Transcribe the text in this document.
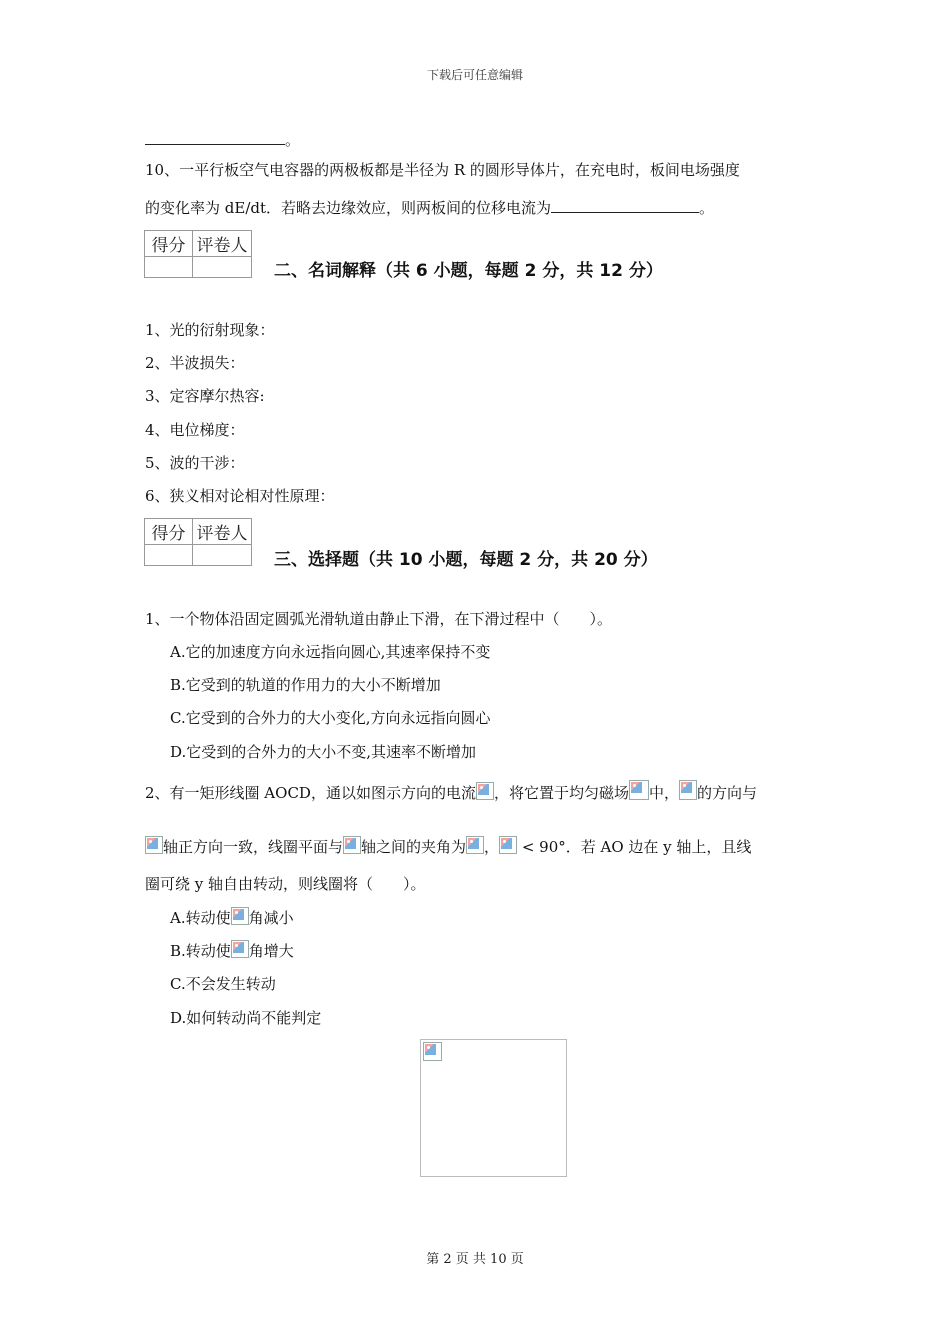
下载后可任意编辑
。
10、一平行板空气电容器的两极板都是半径为 R 的圆形导体片，在充电时，板间电场强度
的变化率为 dE/dt．若略去边缘效应，则两板间的位移电流为	。
得分	评卷人

二、名词解释（共 6 小题，每题 2 分，共 12 分）
1、光的衍射现象：
2、半波损失：
3、定容摩尔热容:
4、电位梯度：
5、波的干涉：
6、狭义相对论相对性原理：
得分	评卷人

三、选择题（共 10 小题，每题 2 分，共 20 分）
1、一个物体沿固定圆弧光滑轨道由静止下滑，在下滑过程中（　　）。
A.它的加速度方向永远指向圆心,其速率保持不变
B.它受到的轨道的作用力的大小不断增加
C.它受到的合外力的大小变化,方向永远指向圆心
D.它受到的合外力的大小不变,其速率不断增加
2、有一矩形线圈 AOCD，通以如图示方向的电流 ，将它置于均匀磁场 中， 的方向与
轴正方向一致，线圈平面与 轴之间的夹角为 ， < 90°．若 AO 边在 y 轴上，且线
圈可绕 y 轴自由转动，则线圈将（　　）。
A.转动使 角减小
B.转动使 角增大
C.不会发生转动
D.如何转动尚不能判定
第 2 页 共 10 页
